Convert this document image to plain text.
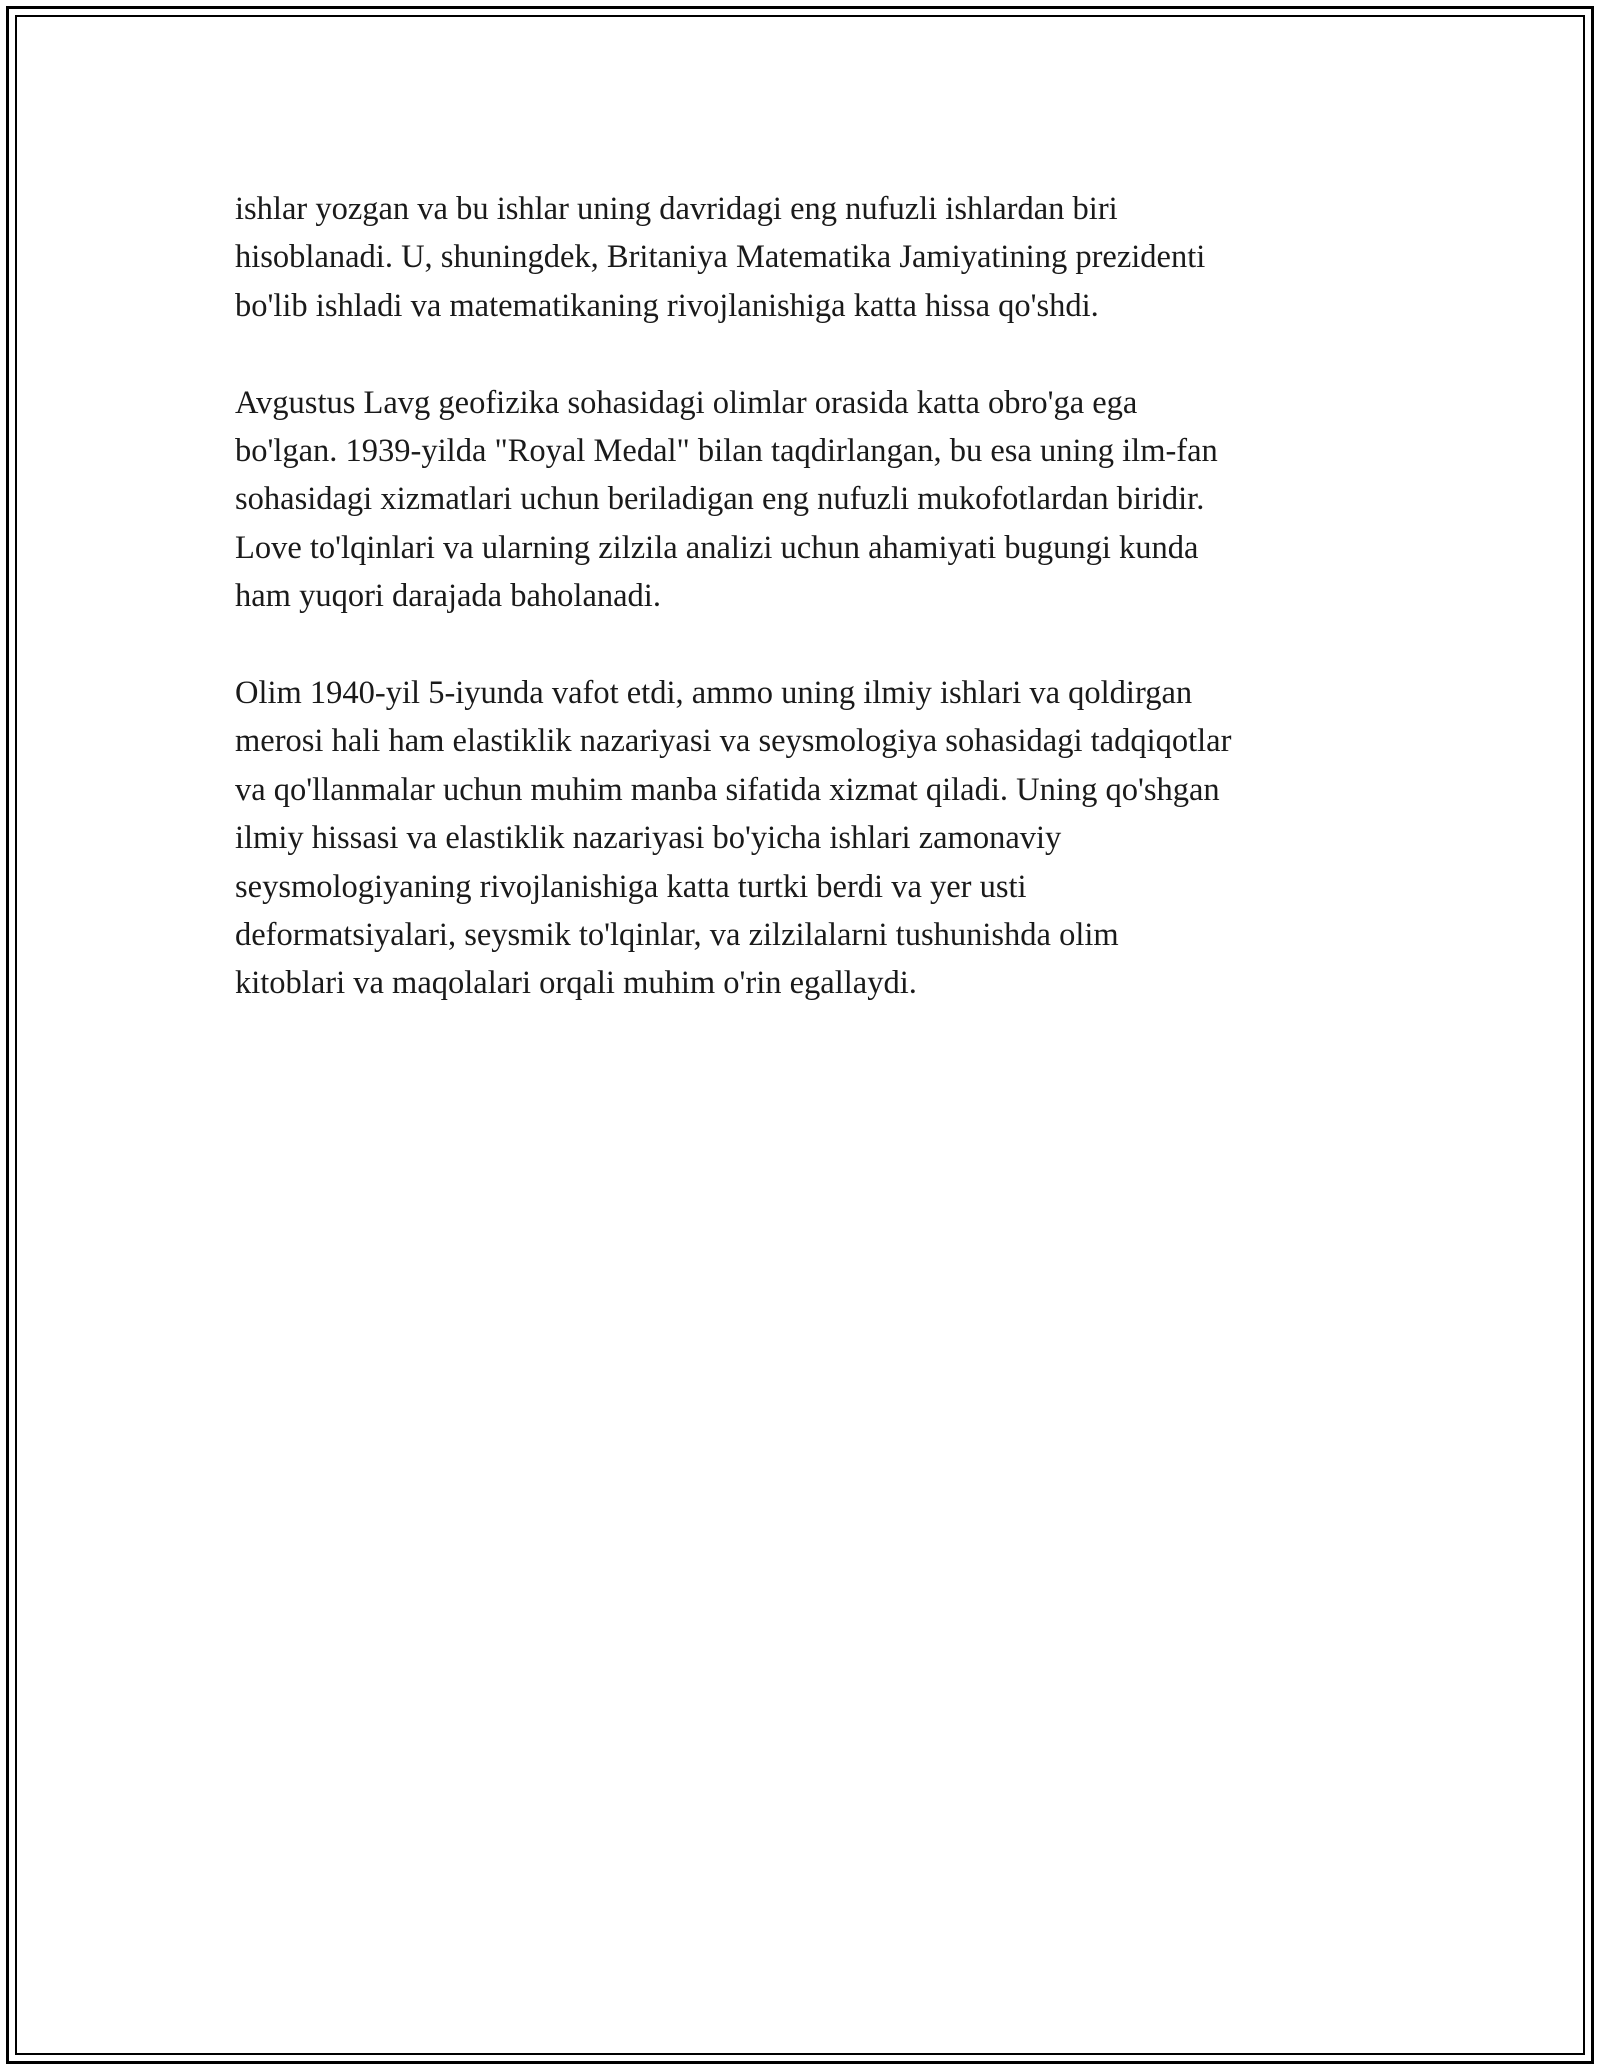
ishlar yozgan va bu ishlar uning davridagi eng nufuzli ishlardan biri
hisoblanadi. U, shuningdek, Britaniya Matematika Jamiyatining prezidenti
bo'lib ishladi va matematikaning rivojlanishiga katta hissa qo'shdi.

Avgustus Lavg geofizika sohasidagi olimlar orasida katta obro'ga ega
bo'lgan. 1939-yilda "Royal Medal" bilan taqdirlangan, bu esa uning ilm-fan
sohasidagi xizmatlari uchun beriladigan eng nufuzli mukofotlardan biridir.
Love to'lqinlari va ularning zilzila analizi uchun ahamiyati bugungi kunda
ham yuqori darajada baholanadi.

Olim 1940-yil 5-iyunda vafot etdi, ammo uning ilmiy ishlari va qoldirgan
merosi hali ham elastiklik nazariyasi va seysmologiya sohasidagi tadqiqotlar
va qo'llanmalar uchun muhim manba sifatida xizmat qiladi. Uning qo'shgan
ilmiy hissasi va elastiklik nazariyasi bo'yicha ishlari zamonaviy
seysmologiyaning rivojlanishiga katta turtki berdi va yer usti
deformatsiyalari, seysmik to'lqinlar, va zilzilalarni tushunishda olim
kitoblari va maqolalari orqali muhim o'rin egallaydi.
